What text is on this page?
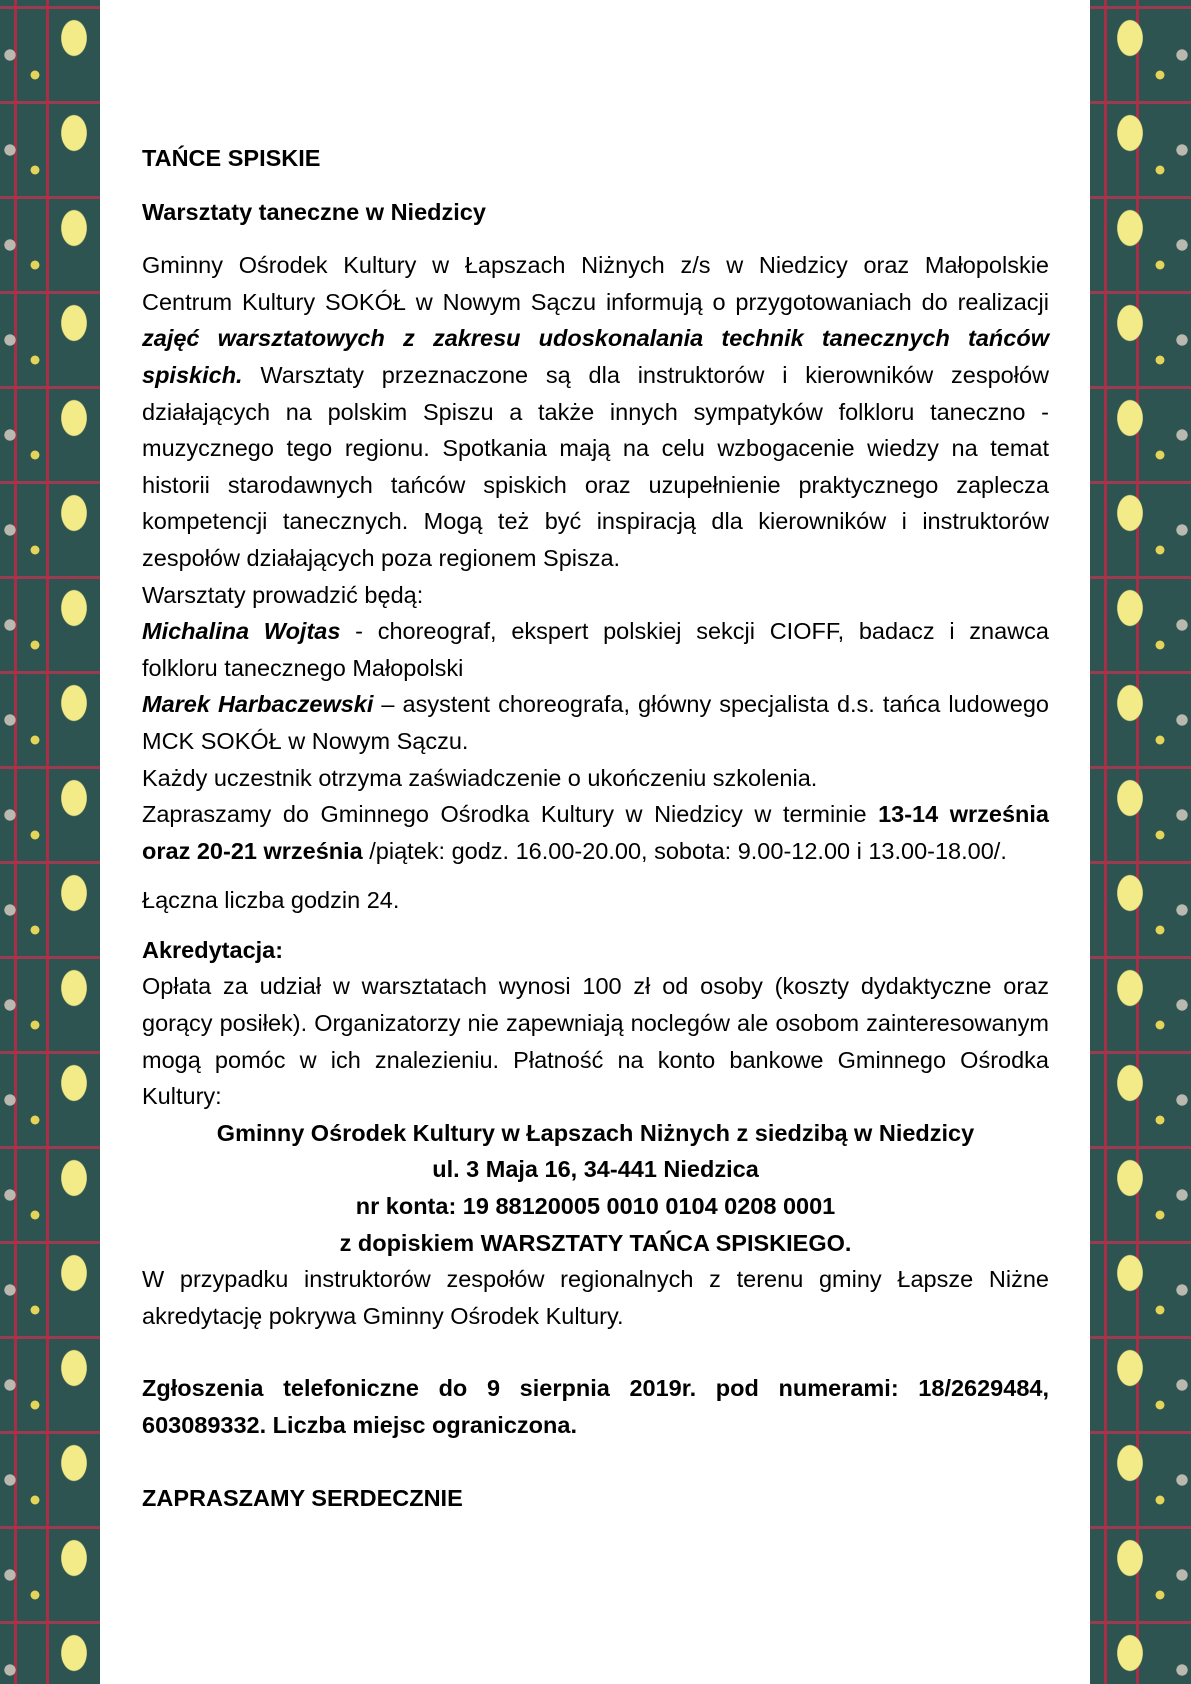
TAŃCE SPISKIE

Warsztaty taneczne w Niedzicy

Gminny Ośrodek Kultury w Łapszach Niżnych z/s w Niedzicy oraz Małopolskie Centrum Kultury SOKÓŁ w Nowym Sączu informują o przygotowaniach do realizacji zajęć warsztatowych z zakresu udoskonalania technik tanecznych tańców spiskich. Warsztaty przeznaczone są dla instruktorów i kierowników zespołów działających na polskim Spiszu a także innych sympatyków folkloru taneczno - muzycznego tego regionu. Spotkania mają na celu wzbogacenie wiedzy na temat historii starodawnych tańców spiskich oraz uzupełnienie praktycznego zaplecza kompetencji tanecznych. Mogą też być inspiracją dla kierowników i instruktorów zespołów działających poza regionem Spisza.

Warsztaty prowadzić będą:

Michalina Wojtas - choreograf, ekspert polskiej sekcji CIOFF, badacz i znawca folkloru tanecznego Małopolski

Marek Harbaczewski – asystent choreografa, główny specjalista d.s. tańca ludowego MCK SOKÓŁ w Nowym Sączu.

Każdy uczestnik otrzyma zaświadczenie o ukończeniu szkolenia.

Zapraszamy do Gminnego Ośrodka Kultury w Niedzicy w terminie 13-14 września oraz 20-21 września /piątek: godz. 16.00-20.00, sobota: 9.00-12.00 i 13.00-18.00/.

Łączna liczba godzin 24.

Akredytacja:

Opłata za udział w warsztatach wynosi 100 zł od osoby (koszty dydaktyczne oraz gorący posiłek). Organizatorzy nie zapewniają noclegów ale osobom zainteresowanym mogą pomóc w ich znalezieniu. Płatność na konto bankowe Gminnego Ośrodka Kultury:

Gminny Ośrodek Kultury w Łapszach Niżnych z siedzibą w Niedzicy

ul. 3 Maja 16, 34-441 Niedzica

nr konta: 19 88120005 0010 0104 0208 0001

z dopiskiem WARSZTATY TAŃCA SPISKIEGO.

W przypadku instruktorów zespołów regionalnych z terenu gminy Łapsze Niżne akredytację pokrywa Gminny Ośrodek Kultury.

Zgłoszenia telefoniczne do 9 sierpnia 2019r. pod numerami: 18/2629484, 603089332. Liczba miejsc ograniczona.

ZAPRASZAMY SERDECZNIE
